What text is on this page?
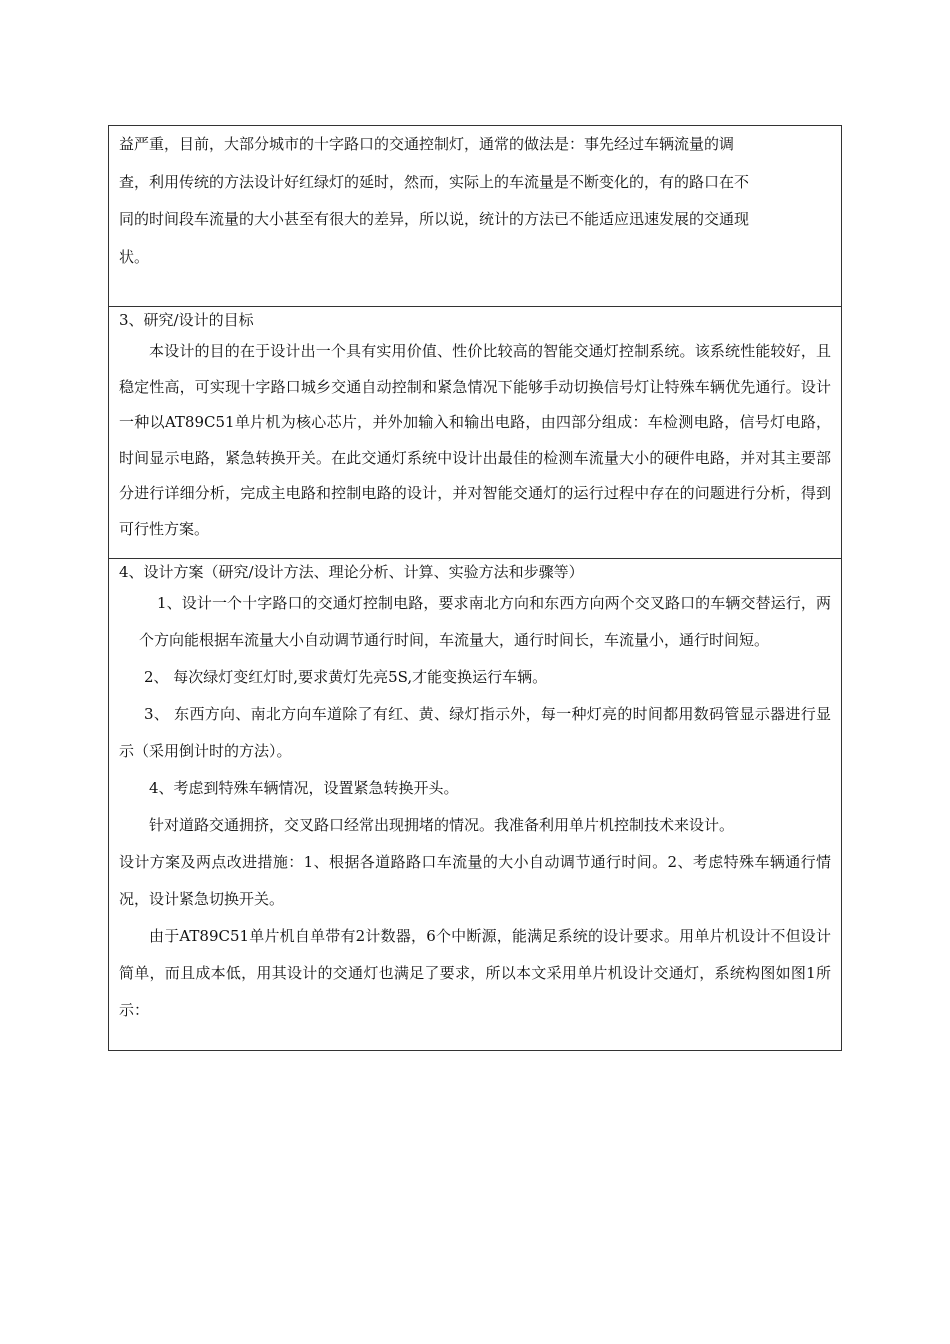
益严重，目前，大部分城市的十字路口的交通控制灯，通常的做法是：事先经过车辆流量的调

查，利用传统的方法设计好红绿灯的延时，然而，实际上的车流量是不断变化的，有的路口在不

同的时间段车流量的大小甚至有很大的差异，所以说，统计的方法已不能适应迅速发展的交通现

状。

3、研究/设计的目标

本设计的目的在于设计出一个具有实用价值、性价比较高的智能交通灯控制系统。该系统性能较好，且稳定性高，可实现十字路口城乡交通自动控制和紧急情况下能够手动切换信号灯让特殊车辆优先通行。设计一种以AT89C51单片机为核心芯片，并外加输入和输出电路，由四部分组成：车检测电路，信号灯电路，时间显示电路，紧急转换开关。在此交通灯系统中设计出最佳的检测车流量大小的硬件电路，并对其主要部分进行详细分析，完成主电路和控制电路的设计，并对智能交通灯的运行过程中存在的问题进行分析，得到可行性方案。

4、设计方案（研究/设计方法、理论分析、计算、实验方法和步骤等）

1、设计一个十字路口的交通灯控制电路，要求南北方向和东西方向两个交叉路口的车辆交替运行，两个方向能根据车流量大小自动调节通行时间，车流量大，通行时间长，车流量小，通行时间短。

2、 每次绿灯变红灯时,要求黄灯先亮5S,才能变换运行车辆。

3、 东西方向、南北方向车道除了有红、黄、绿灯指示外，每一种灯亮的时间都用数码管显示器进行显示（采用倒计时的方法）。

4、考虑到特殊车辆情况，设置紧急转换开头。

针对道路交通拥挤，交叉路口经常出现拥堵的情况。我准备利用单片机控制技术来设计。

设计方案及两点改进措施：1、根据各道路路口车流量的大小自动调节通行时间。2、考虑特殊车辆通行情况，设计紧急切换开关。

由于AT89C51单片机自单带有2计数器，6个中断源，能满足系统的设计要求。用单片机设计不但设计简单，而且成本低，用其设计的交通灯也满足了要求，所以本文采用单片机设计交通灯，系统构图如图1所示：
